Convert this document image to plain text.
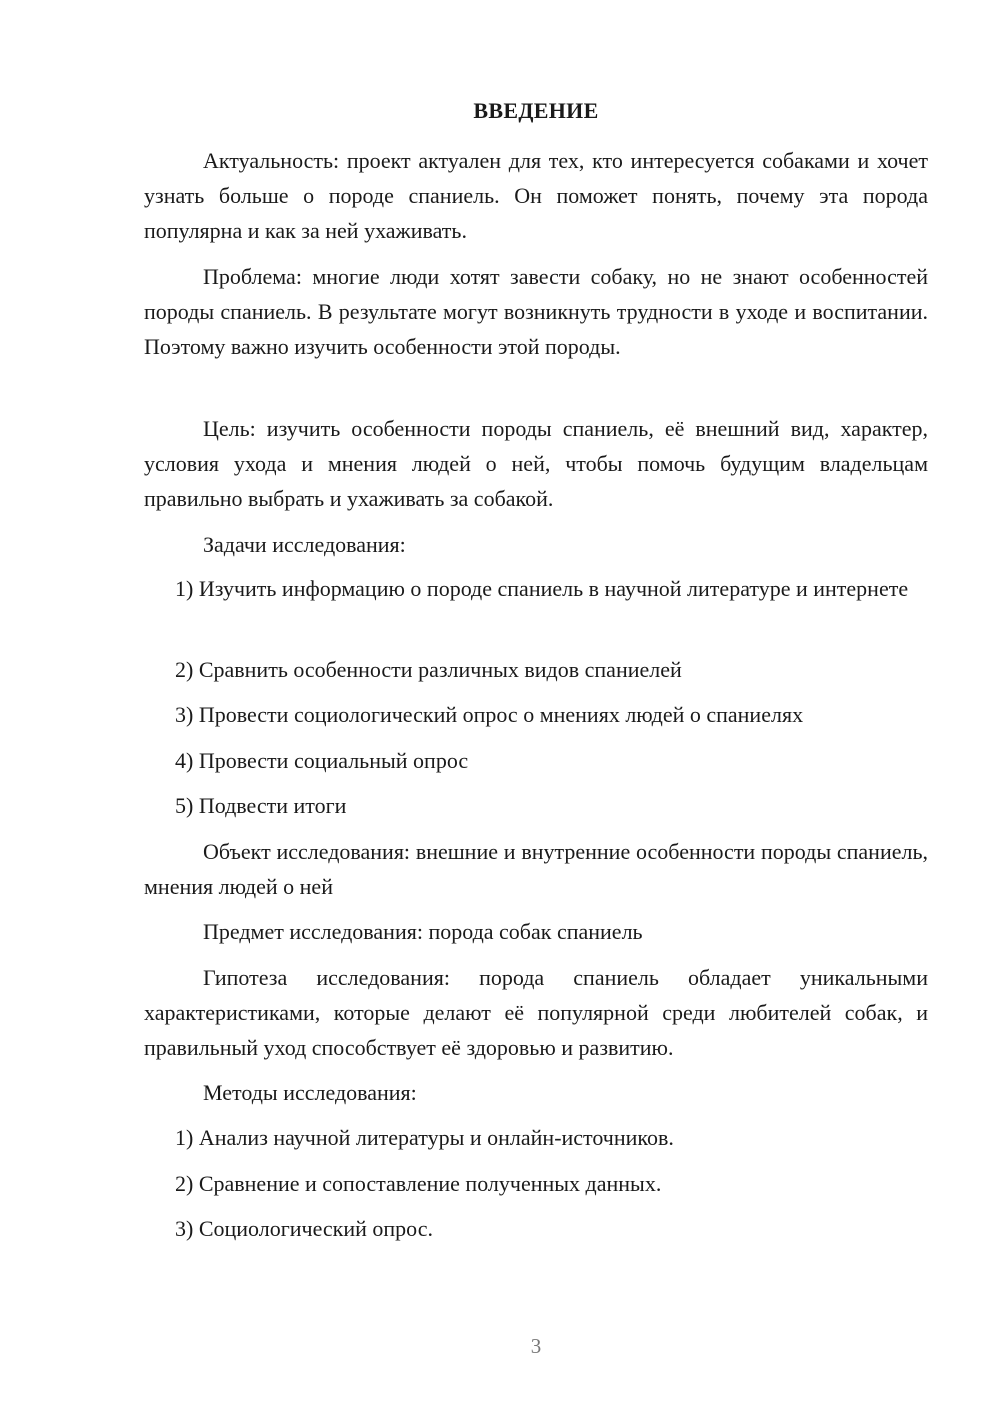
ВВЕДЕНИЕ

Актуальность: проект актуален для тех, кто интересуется собаками и хочет узнать больше о породе спаниель. Он поможет понять, почему эта порода популярна и как за ней ухаживать.

Проблема: многие люди хотят завести собаку, но не знают особенностей породы спаниель. В результате могут возникнуть трудности в уходе и воспитании. Поэтому важно изучить особенности этой породы.

Цель: изучить особенности породы спаниель, её внешний вид, характер, условия ухода и мнения людей о ней, чтобы помочь будущим владельцам правильно выбрать и ухаживать за собакой.

Задачи исследования:

1) Изучить информацию о породе спаниель в научной литературе и интернете

2) Сравнить особенности различных видов спаниелей

3) Провести социологический опрос о мнениях людей о спаниелях

4) Провести социальный опрос

5) Подвести итоги

Объект исследования: внешние и внутренние особенности породы спаниель, мнения людей о ней

Предмет исследования: порода собак спаниель

Гипотеза исследования: порода спаниель обладает уникальными характеристиками, которые делают её популярной среди любителей собак, и правильный уход способствует её здоровью и развитию.

Методы исследования:

1) Анализ научной литературы и онлайн-источников.

2) Сравнение и сопоставление полученных данных.

3) Социологический опрос.

3
